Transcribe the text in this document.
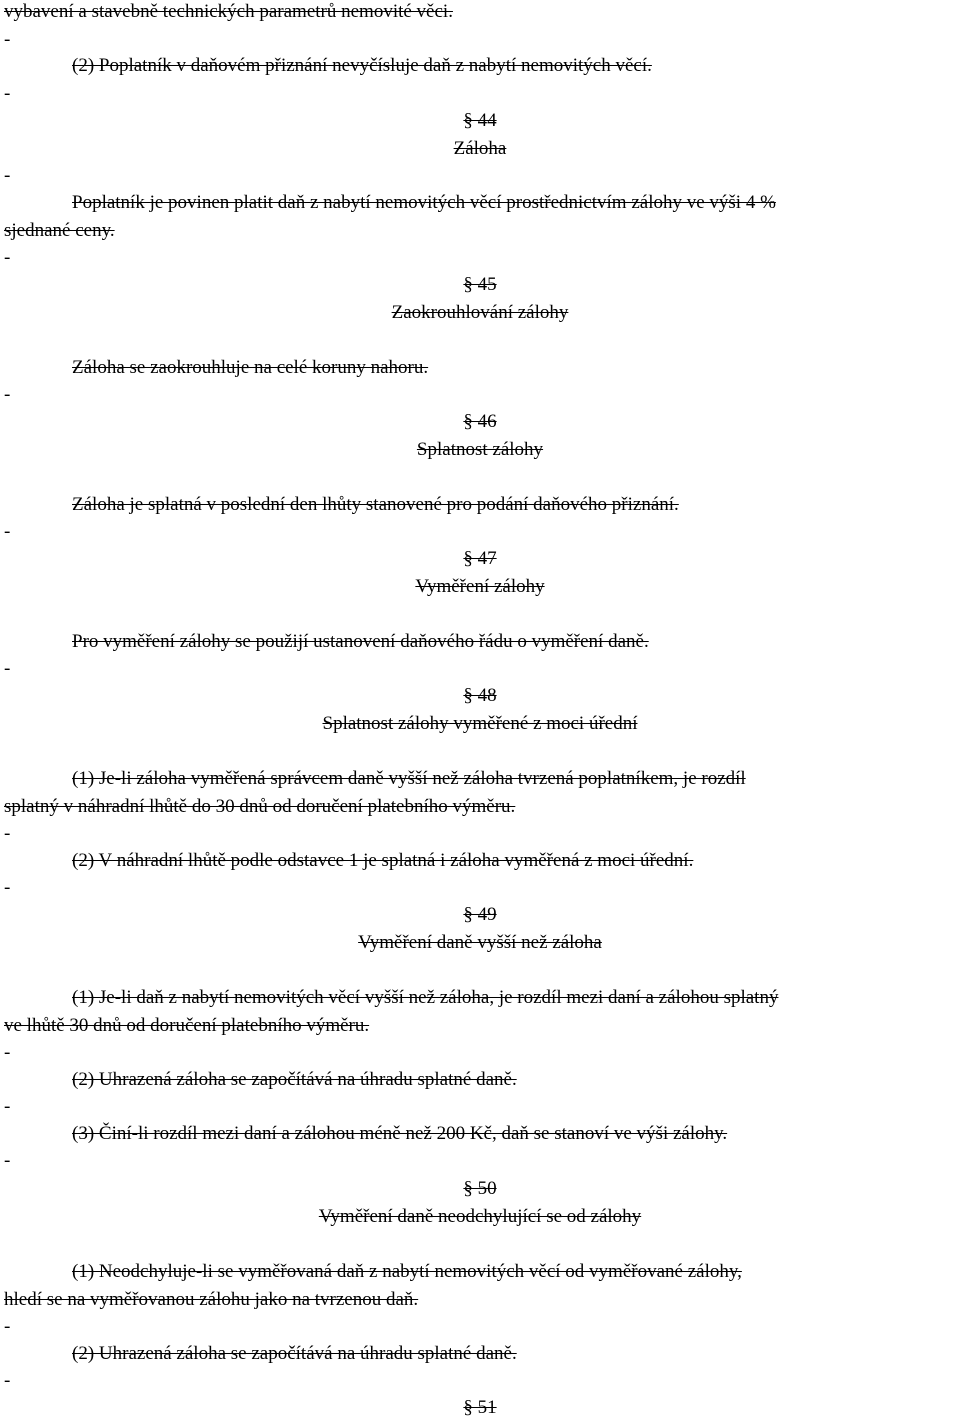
vybavení a stavebně technických parametrů nemovité věci.
-
(2) Poplatník v daňovém přiznání nevyčísluje daň z nabytí nemovitých věcí.
-
§ 44
Záloha
-
Poplatník je povinen platit daň z nabytí nemovitých věcí prostřednictvím zálohy ve výši 4 %
sjednané ceny.
-
§ 45
Zaokrouhlování zálohy
Záloha se zaokrouhluje na celé koruny nahoru.
-
§ 46
Splatnost zálohy
Záloha je splatná v poslední den lhůty stanovené pro podání daňového přiznání.
-
§ 47
Vyměření zálohy
Pro vyměření zálohy se použijí ustanovení daňového řádu o vyměření daně.
-
§ 48
Splatnost zálohy vyměřené z moci úřední
(1) Je-li záloha vyměřená správcem daně vyšší než záloha tvrzená poplatníkem, je rozdíl
splatný v náhradní lhůtě do 30 dnů od doručení platebního výměru.
-
(2) V náhradní lhůtě podle odstavce 1 je splatná i záloha vyměřená z moci úřední.
-
§ 49
Vyměření daně vyšší než záloha
(1) Je-li daň z nabytí nemovitých věcí vyšší než záloha, je rozdíl mezi daní a zálohou splatný
ve lhůtě 30 dnů od doručení platebního výměru.
-
(2) Uhrazená záloha se započítává na úhradu splatné daně.
-
(3) Činí-li rozdíl mezi daní a zálohou méně než 200 Kč, daň se stanoví ve výši zálohy.
-
§ 50
Vyměření daně neodchylující se od zálohy
(1) Neodchyluje-li se vyměřovaná daň z nabytí nemovitých věcí od vyměřované zálohy,
hledí se na vyměřovanou zálohu jako na tvrzenou daň.
-
(2) Uhrazená záloha se započítává na úhradu splatné daně.
-
§ 51
